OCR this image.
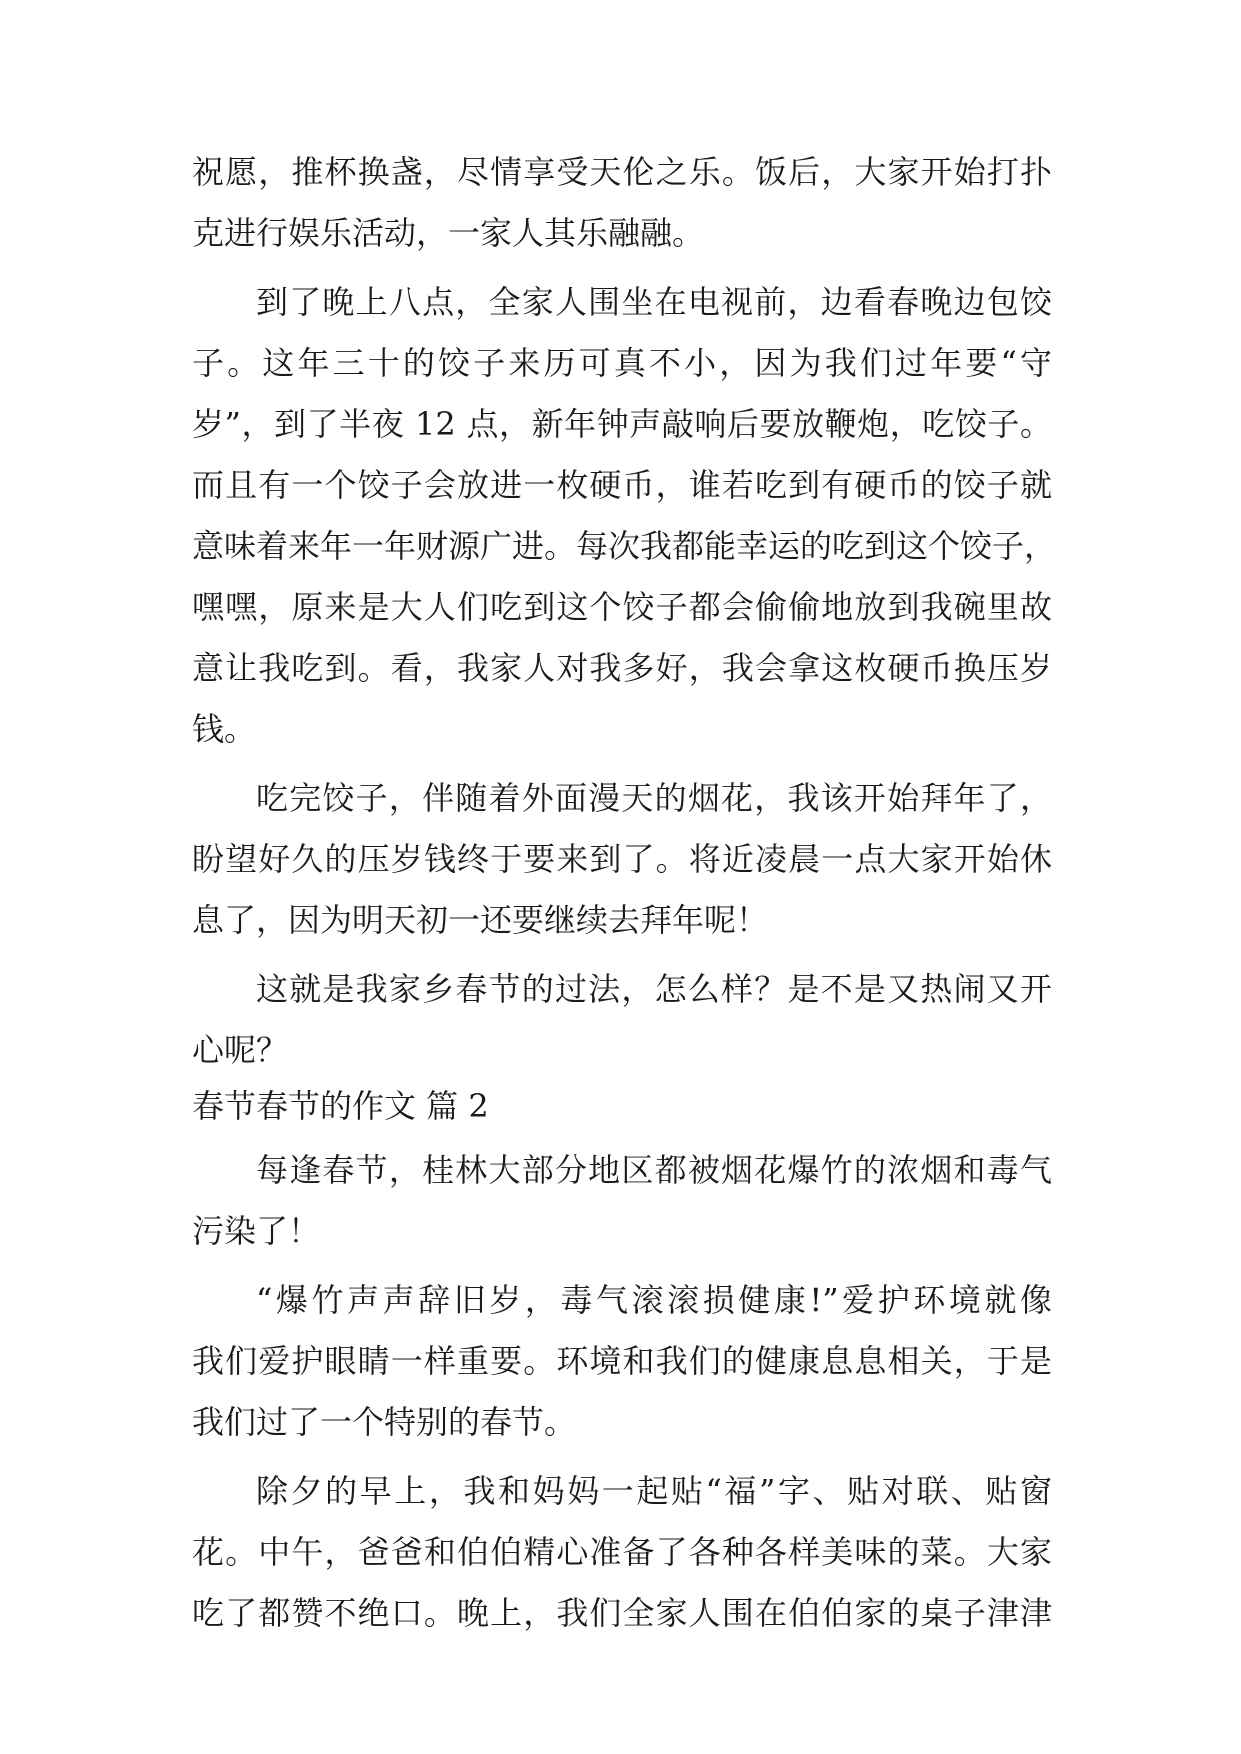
祝愿，推杯换盏，尽情享受天伦之乐。饭后，大家开始打扑
克进行娱乐活动，一家人其乐融融。
到了晚上八点，全家人围坐在电视前，边看春晚边包饺
子。这年三十的饺子来历可真不小，因为我们过年要“守
岁”，到了半夜 12 点，新年钟声敲响后要放鞭炮，吃饺子。
而且有一个饺子会放进一枚硬币，谁若吃到有硬币的饺子就
意味着来年一年财源广进。每次我都能幸运的吃到这个饺子，
嘿嘿，原来是大人们吃到这个饺子都会偷偷地放到我碗里故
意让我吃到。看，我家人对我多好，我会拿这枚硬币换压岁
钱。
吃完饺子，伴随着外面漫天的烟花，我该开始拜年了，
盼望好久的压岁钱终于要来到了。将近凌晨一点大家开始休
息了，因为明天初一还要继续去拜年呢！
这就是我家乡春节的过法，怎么样？是不是又热闹又开
心呢？
春节春节的作文 篇 2
每逢春节，桂林大部分地区都被烟花爆竹的浓烟和毒气
污染了！
“爆竹声声辞旧岁，毒气滚滚损健康!”爱护环境就像
我们爱护眼睛一样重要。环境和我们的健康息息相关，于是
我们过了一个特别的春节。
除夕的早上，我和妈妈一起贴“福”字、贴对联、贴窗
花。中午，爸爸和伯伯精心准备了各种各样美味的菜。大家
吃了都赞不绝口。晚上，我们全家人围在伯伯家的桌子津津
